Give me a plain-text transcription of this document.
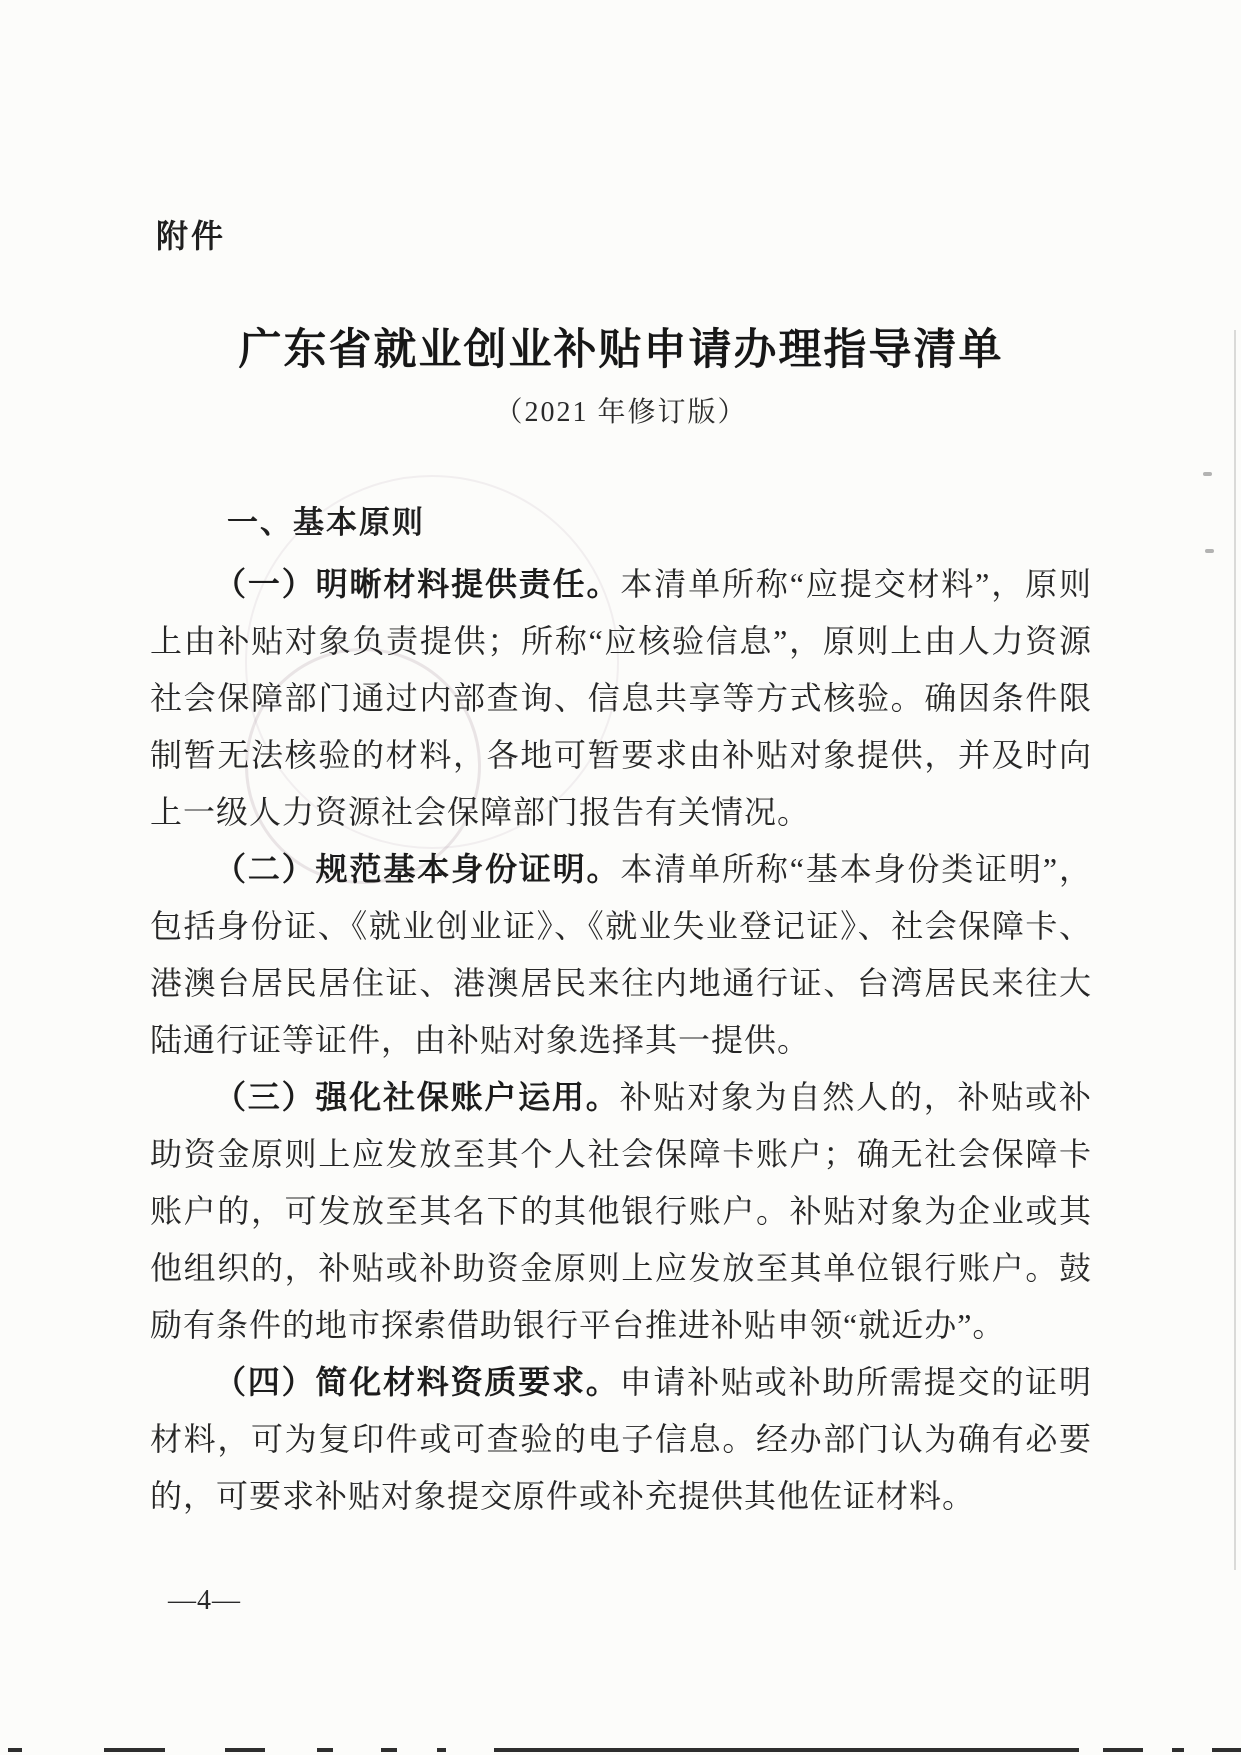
附件
广东省就业创业补贴申请办理指导清单
（2021 年修订版）
一、基本原则

（一）明晰材料提供责任。本清单所称“应提交材料”，原则上由补贴对象负责提供；所称“应核验信息”，原则上由人力资源社会保障部门通过内部查询、信息共享等方式核验。确因条件限制暂无法核验的材料，各地可暂要求由补贴对象提供，并及时向上一级人力资源社会保障部门报告有关情况。

（二）规范基本身份证明。本清单所称“基本身份类证明”，包括身份证、《就业创业证》、《就业失业登记证》、社会保障卡、港澳台居民居住证、港澳居民来往内地通行证、台湾居民来往大陆通行证等证件，由补贴对象选择其一提供。

（三）强化社保账户运用。补贴对象为自然人的，补贴或补助资金原则上应发放至其个人社会保障卡账户；确无社会保障卡账户的，可发放至其名下的其他银行账户。补贴对象为企业或其他组织的，补贴或补助资金原则上应发放至其单位银行账户。鼓励有条件的地市探索借助银行平台推进补贴申领“就近办”。

（四）简化材料资质要求。申请补贴或补助所需提交的证明材料，可为复印件或可查验的电子信息。经办部门认为确有必要的，可要求补贴对象提交原件或补充提供其他佐证材料。

—4—
